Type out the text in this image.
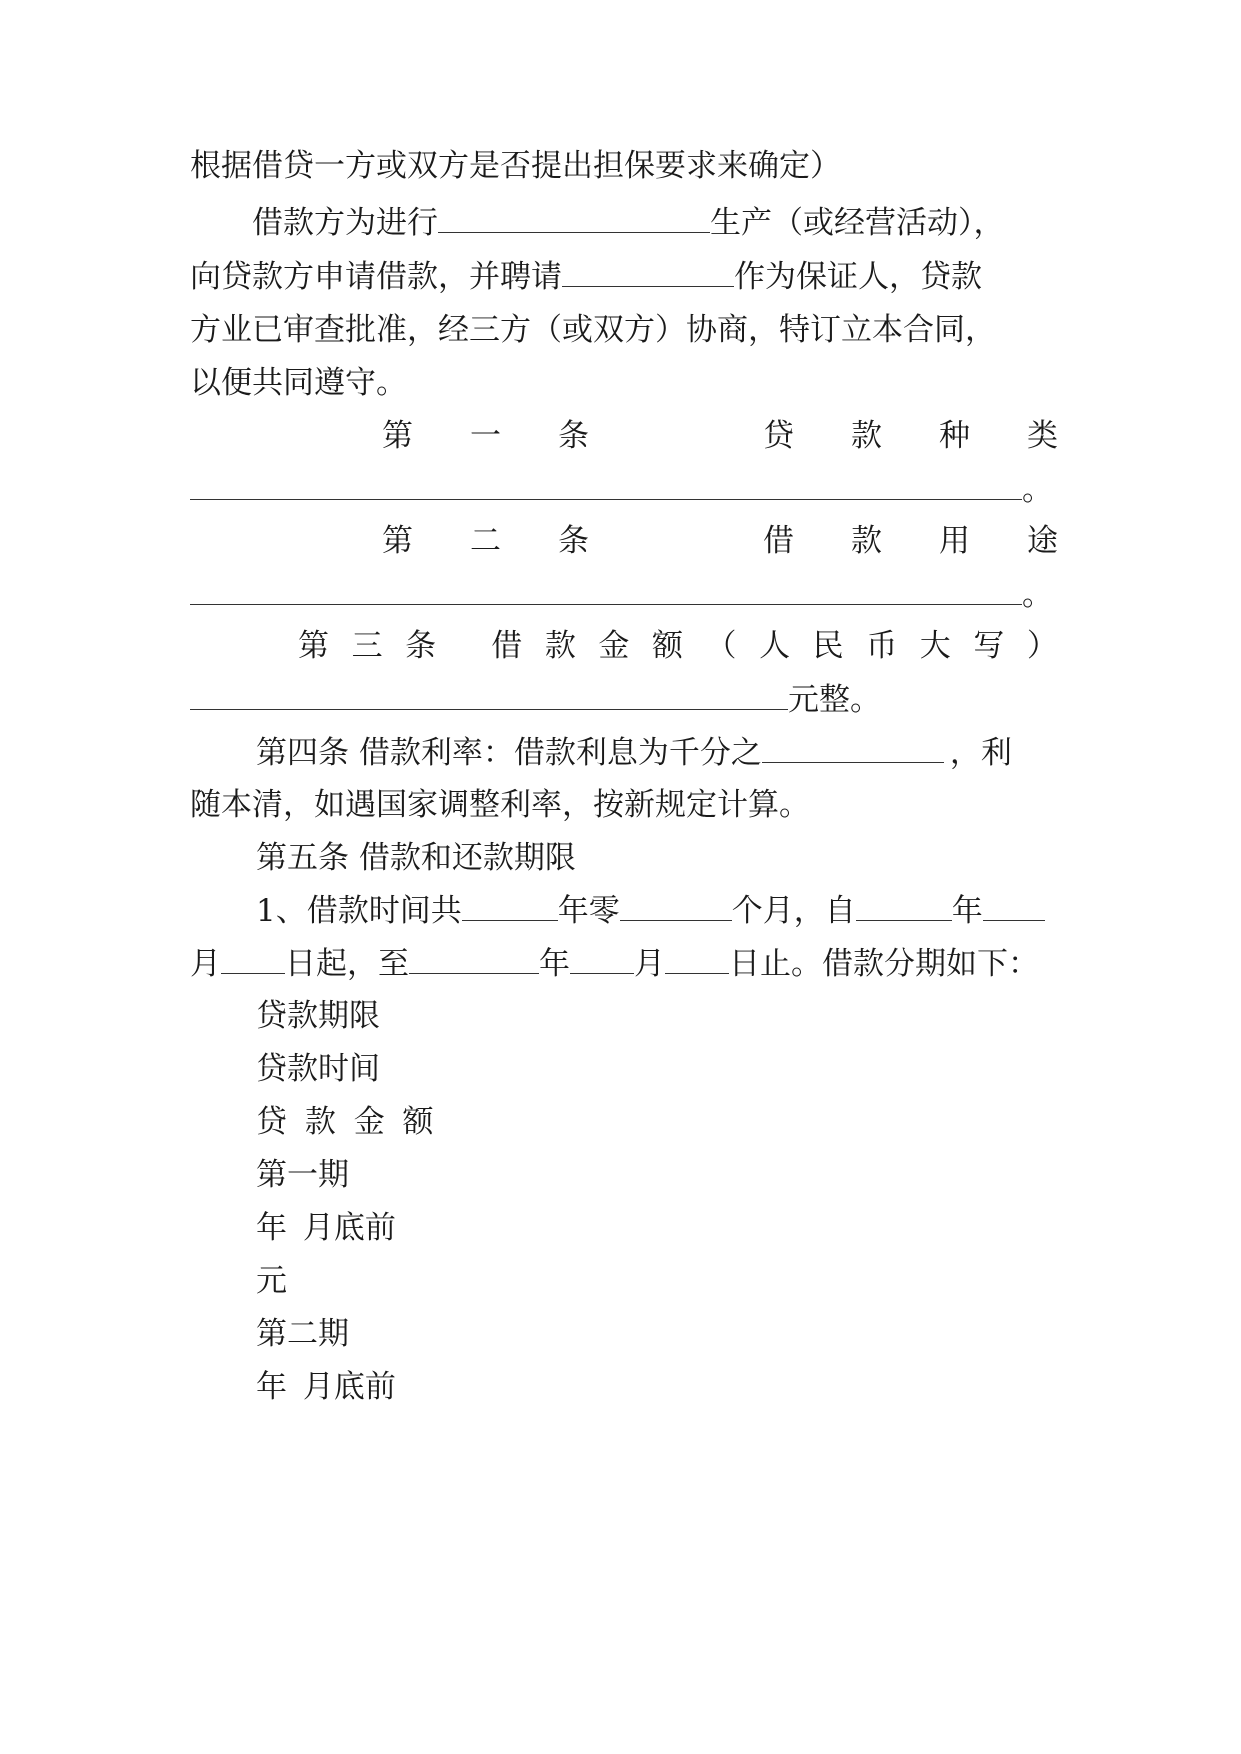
根据借贷一方或双方是否提出担保要求来确定）
借款方为进行	生产（或经营活动），
向贷款方申请借款，并聘请	作为保证人，贷款
方业已审查批准，经三方（或双方）协商，特订立本合同，
以便共同遵守。
第 一 条	贷 款 种 类
。
第 二 条	借 款 用 途
。
第 三 条 借 款 金 额 （ 人 民 币 大 写 ）
元整。
第四条 借款利率：借款利息为千分之	，利
随本清，如遇国家调整利率，按新规定计算。
第五条 借款和还款期限
1、借款时间共	年零	个月，自	年
月 日起，至	年 月 日止。借款分期如下：
贷款期限
贷款时间
贷 款 金 额
第一期
年 月底前
元
第二期
年 月底前
